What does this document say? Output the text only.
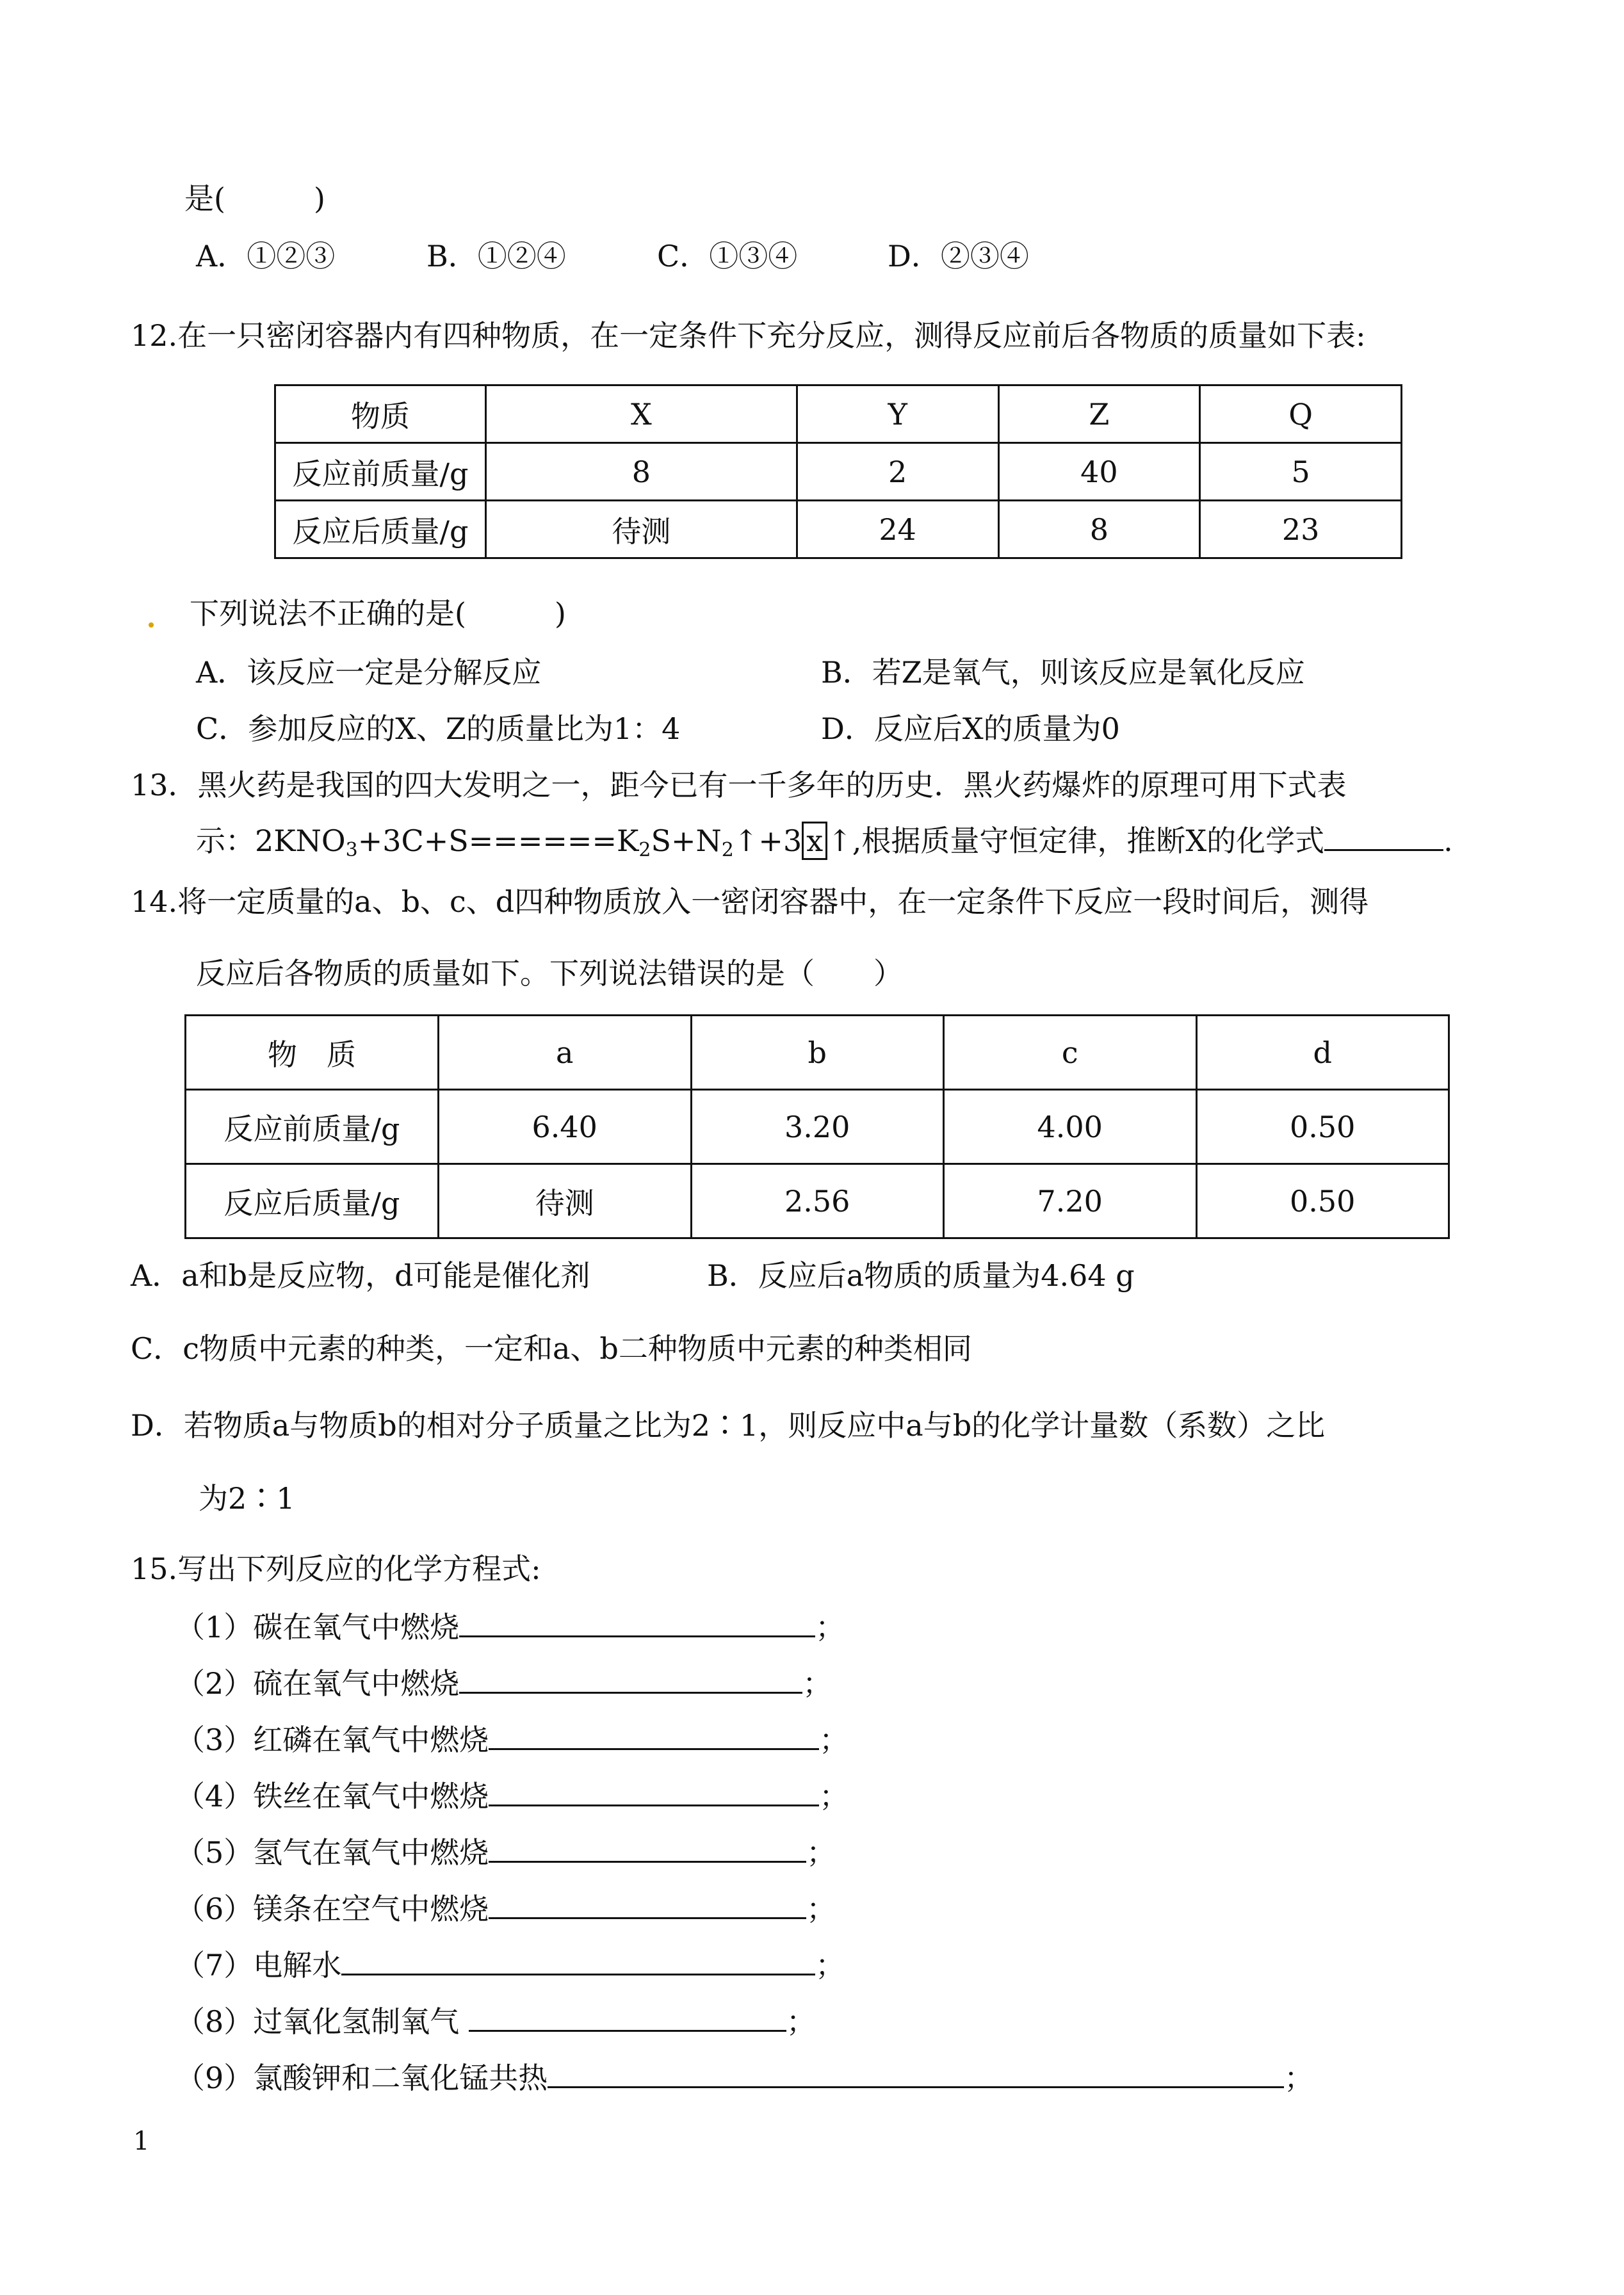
是(　　　)
A．①②③	B．①②④	C．①③④	D．②③④
12.在一只密闭容器内有四种物质，在一定条件下充分反应，测得反应前后各物质的质量如下表:
物质	X	Y	Z	Q
反应前质量/g	8	2	40	5
反应后质量/g	待测	24	8	23
下列说法不正确的是(　　　)
A．该反应一定是分解反应	B．若Z是氧气，则该反应是氧化反应
C．参加反应的X、Z的质量比为1：4	D．反应后X的质量为0
13．黑火药是我国的四大发明之一，距今已有一千多年的历史．黑火药爆炸的原理可用下式表
示：$2KNO_3+3C+S======K_2S+N_2↑+3$ x ↑,根据质量守恒定律，推断X的化学式	.
14.将一定质量的a、b、c、d四种物质放入一密闭容器中，在一定条件下反应一段时间后，测得
反应后各物质的质量如下。下列说法错误的是（　　）
物　质	a	b	c	d
反应前质量/g	6.40	3.20	4.00	0.50
反应后质量/g	待测	2.56	7.20	0.50
A．a和b是反应物，d可能是催化剂	B．反应后a物质的质量为4.64 g
C．c物质中元素的种类，一定和a、b二种物质中元素的种类相同
D．若物质a与物质b的相对分子质量之比为2∶1，则反应中a与b的化学计量数（系数）之比
为2∶1
15.写出下列反应的化学方程式:
（1）碳在氧气中燃烧	；
（2）硫在氧气中燃烧	；
（3）红磷在氧气中燃烧	；
（4）铁丝在氧气中燃烧	；
（5）氢气在氧气中燃烧	；
（6）镁条在空气中燃烧	；
（7）电解水	；
（8）过氧化氢制氧气	；
（9）氯酸钾和二氧化锰共热	；
1
